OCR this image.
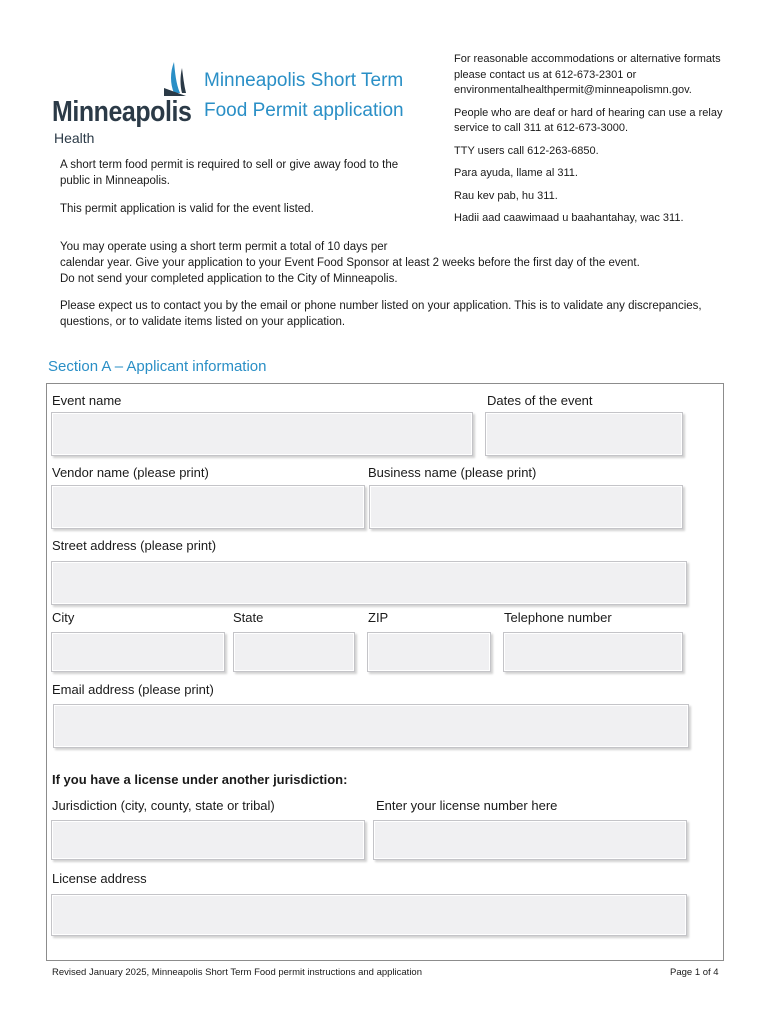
Minneapolis
Health
Minneapolis Short Term
Food Permit application

For reasonable accommodations or alternative formats please contact us at 612-673-2301 or environmentalhealthpermit@minneapolismn.gov.

People who are deaf or hard of hearing can use a relay service to call 311 at 612-673-3000.

TTY users call 612-263-6850.

Para ayuda, llame al 311.

Rau kev pab, hu 311.

Hadii aad caawimaad u baahantahay, wac 311.

A short term food permit is required to sell or give away food to the public in Minneapolis.

This permit application is valid for the event listed.

You may operate using a short term permit a total of 10 days per
calendar year. Give your application to your Event Food Sponsor at least 2 weeks before the first day of the event.
Do not send your completed application to the City of Minneapolis.

Please expect us to contact you by the email or phone number listed on your application. This is to validate any discrepancies, questions, or to validate items listed on your application.

Section A – Applicant information
Event name	Dates of the event
Vendor name (please print)	Business name (please print)
Street address (please print)
City	State	ZIP	Telephone number
Email address (please print)
If you have a license under another jurisdiction:
Jurisdiction (city, county, state or tribal)	Enter your license number here
License address
Revised January 2025, Minneapolis Short Term Food permit instructions and application	Page 1 of 4
